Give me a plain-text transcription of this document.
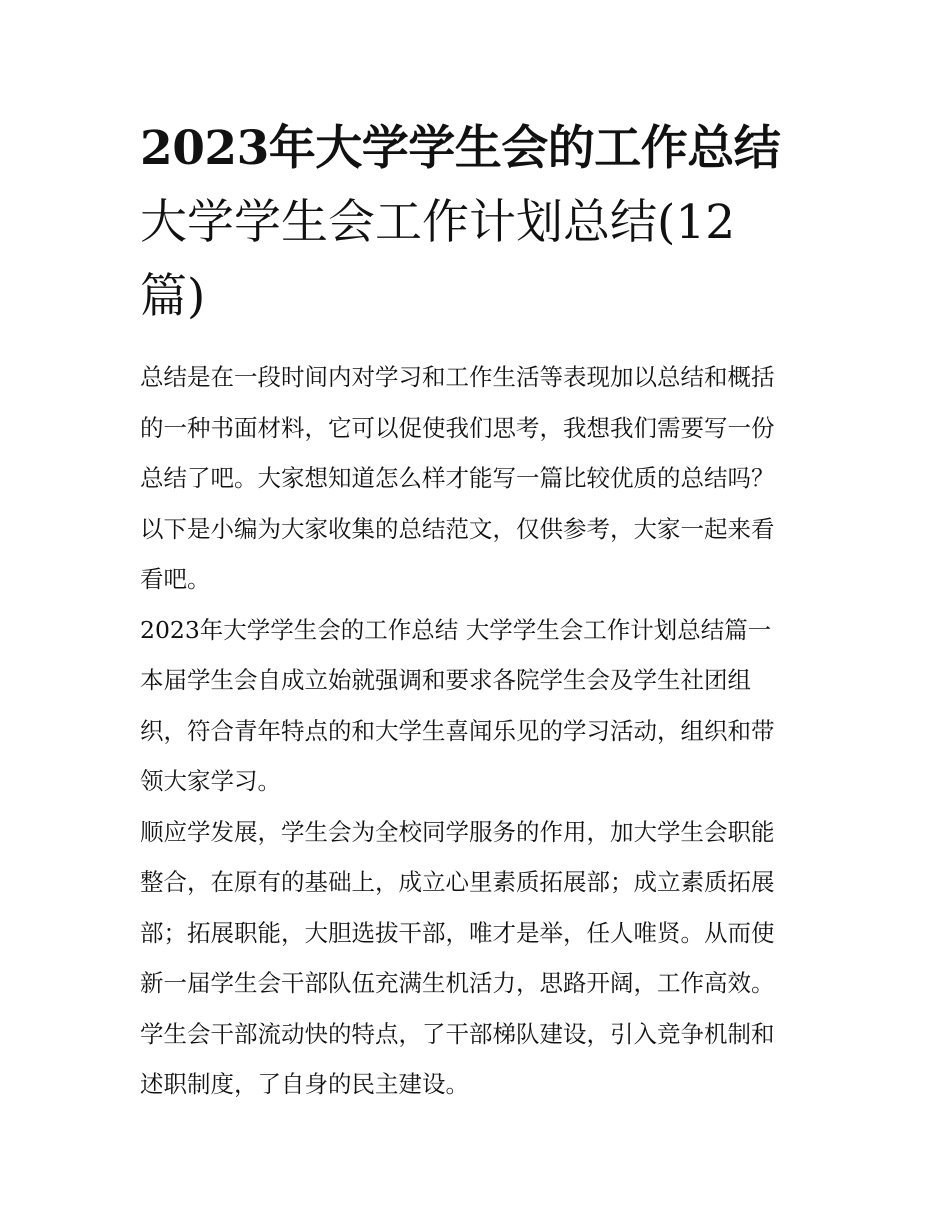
2023年大学学生会的工作总结
大学学生会工作计划总结(12
篇)

总结是在一段时间内对学习和工作生活等表现加以总结和概括
的一种书面材料，它可以促使我们思考，我想我们需要写一份
总结了吧。大家想知道怎么样才能写一篇比较优质的总结吗？
以下是小编为大家收集的总结范文，仅供参考，大家一起来看
看吧。

2023年大学学生会的工作总结 大学学生会工作计划总结篇一

本届学生会自成立始就强调和要求各院学生会及学生社团组
织，符合青年特点的和大学生喜闻乐见的学习活动，组织和带
领大家学习。

顺应学发展，学生会为全校同学服务的作用，加大学生会职能
整合，在原有的基础上，成立心里素质拓展部；成立素质拓展
部；拓展职能，大胆选拔干部，唯才是举，任人唯贤。从而使
新一届学生会干部队伍充满生机活力，思路开阔，工作高效。
学生会干部流动快的特点，了干部梯队建设，引入竞争机制和
述职制度，了自身的民主建设。
